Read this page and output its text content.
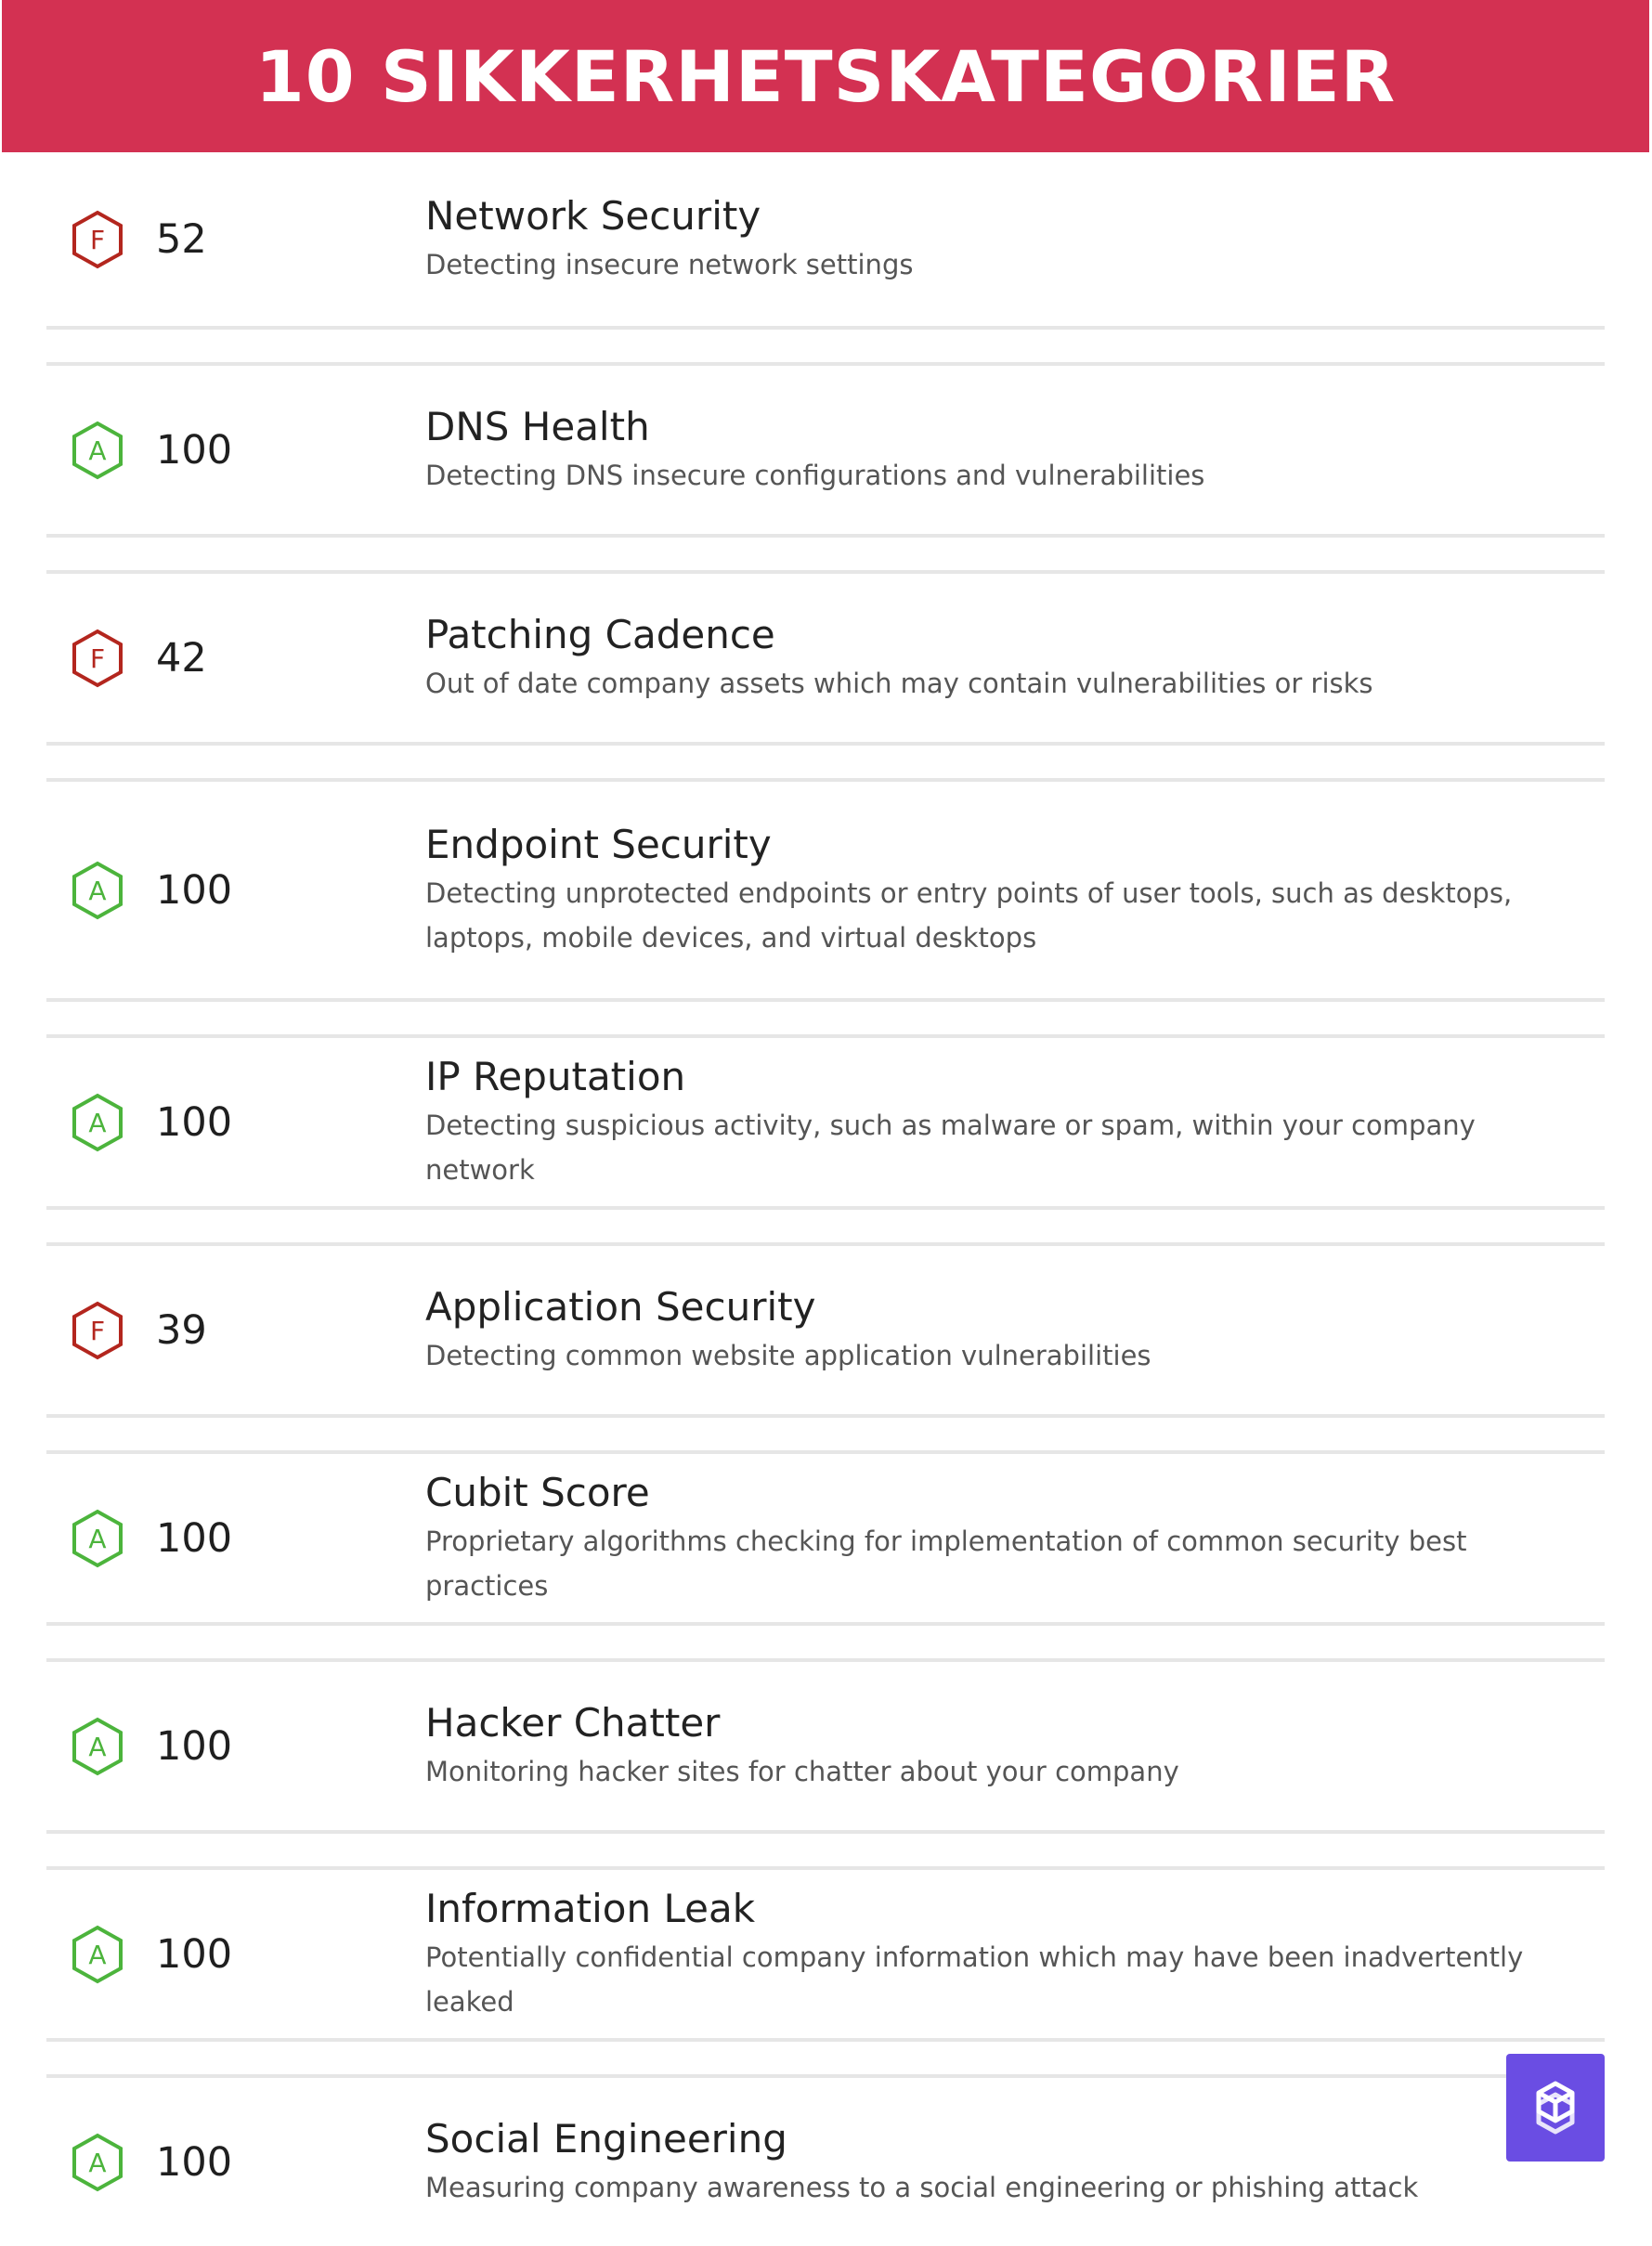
10 SIKKERHETSKATEGORIER
F 52
Network Security
Detecting insecure network settings
A 100
DNS Health
Detecting DNS insecure configurations and vulnerabilities
F 42
Patching Cadence
Out of date company assets which may contain vulnerabilities or risks
A 100
Endpoint Security
Detecting unprotected endpoints or entry points of user tools, such as desktops, laptops, mobile devices, and virtual desktops
A 100
IP Reputation
Detecting suspicious activity, such as malware or spam, within your company network
F 39
Application Security
Detecting common website application vulnerabilities
A 100
Cubit Score
Proprietary algorithms checking for implementation of common security best practices
A 100
Hacker Chatter
Monitoring hacker sites for chatter about your company
A 100
Information Leak
Potentially confidential company information which may have been inadvertently leaked
A 100
Social Engineering
Measuring company awareness to a social engineering or phishing attack
